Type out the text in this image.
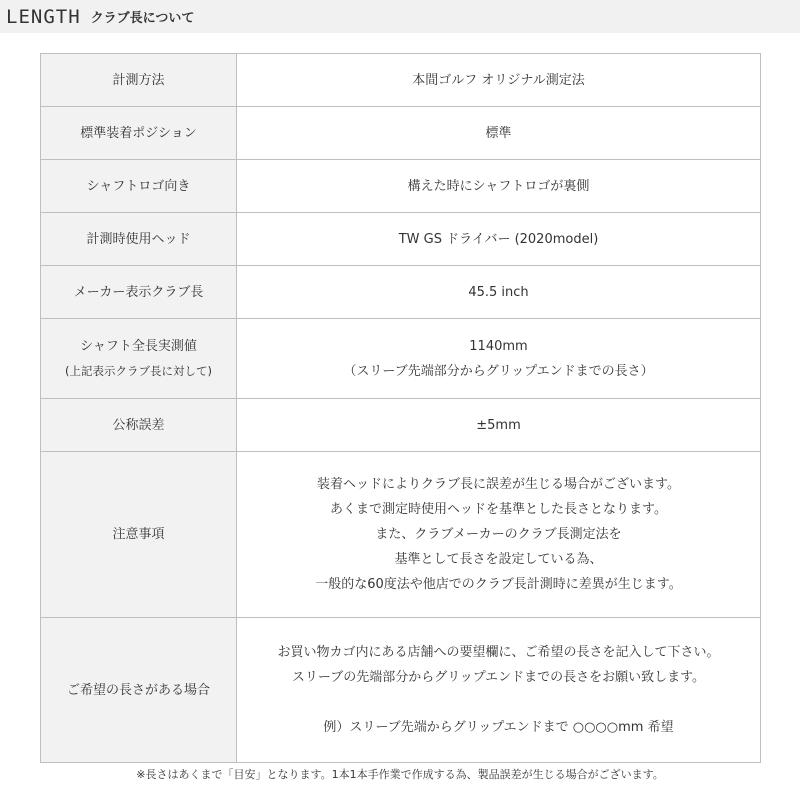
LENGTH クラブ長について
計測方法	本間ゴルフ オリジナル測定法

標準装着ポジション	標準

シャフトロゴ向き	構えた時にシャフトロゴが裏側

計測時使用ヘッド	TW GS ドライバー (2020model)

メーカー表示クラブ長	45.5 inch

シャフト全長実測値
(上記表示クラブ長に対して)	1140mm
（スリーブ先端部分からグリップエンドまでの長さ）

公称誤差	±5mm

注意事項	装着ヘッドによりクラブ長に誤差が生じる場合がございます。
あくまで測定時使用ヘッドを基準とした長さとなります。
また、クラブメーカーのクラブ長測定法を
基準として長さを設定している為、
一般的な60度法や他店でのクラブ長計測時に差異が生じます。

ご希望の長さがある場合	お買い物カゴ内にある店舗への要望欄に、ご希望の長さを記入して下さい。
スリーブの先端部分からグリップエンドまでの長さをお願い致します。
例）スリーブ先端からグリップエンドまで ○○○○mm 希望
※長さはあくまで「目安」となります。1本1本手作業で作成する為、製品誤差が生じる場合がございます。
